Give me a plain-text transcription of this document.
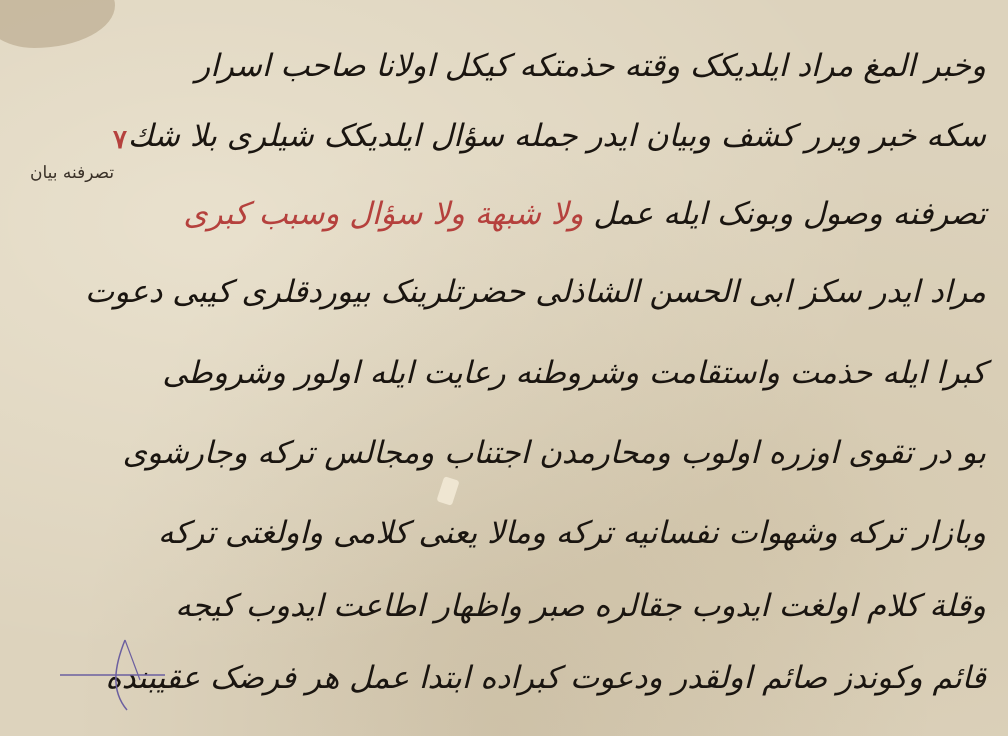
٧
تصرفنه بیان
وخبر المغ مراد ایلدیکک وقته حذمتکه کیکل اولانا صاحب اسرار
سکه خبر ویرر کشف وبیان ایدر جمله سؤال ایلدیکک شیلری بلا شك
تصرفنه وصول وبونک ایله عمل ولا شبهة ولا سؤال وسبب کبری
مراد ایدر سکز ابی الحسن الشاذلی حضرتلرینک بیوردقلری کیبی دعوت
کبرا ایله حذمت واستقامت وشروطنه رعایت ایله اولور وشروطی
بو در تقوی اوزره اولوب ومحارمدن اجتناب ومجالس ترکه وجارشوی
وبازار ترکه وشهوات نفسانیه ترکه ومالا یعنی کلامی واولغتی ترکه
وقلة کلام اولغت ایدوب جقالره صبر واظهار اطاعت ایدوب کیجه
قائم وکوندز صائم اولقدر ودعوت کبراده ابتدا عمل هر فرضک عقیبنده
